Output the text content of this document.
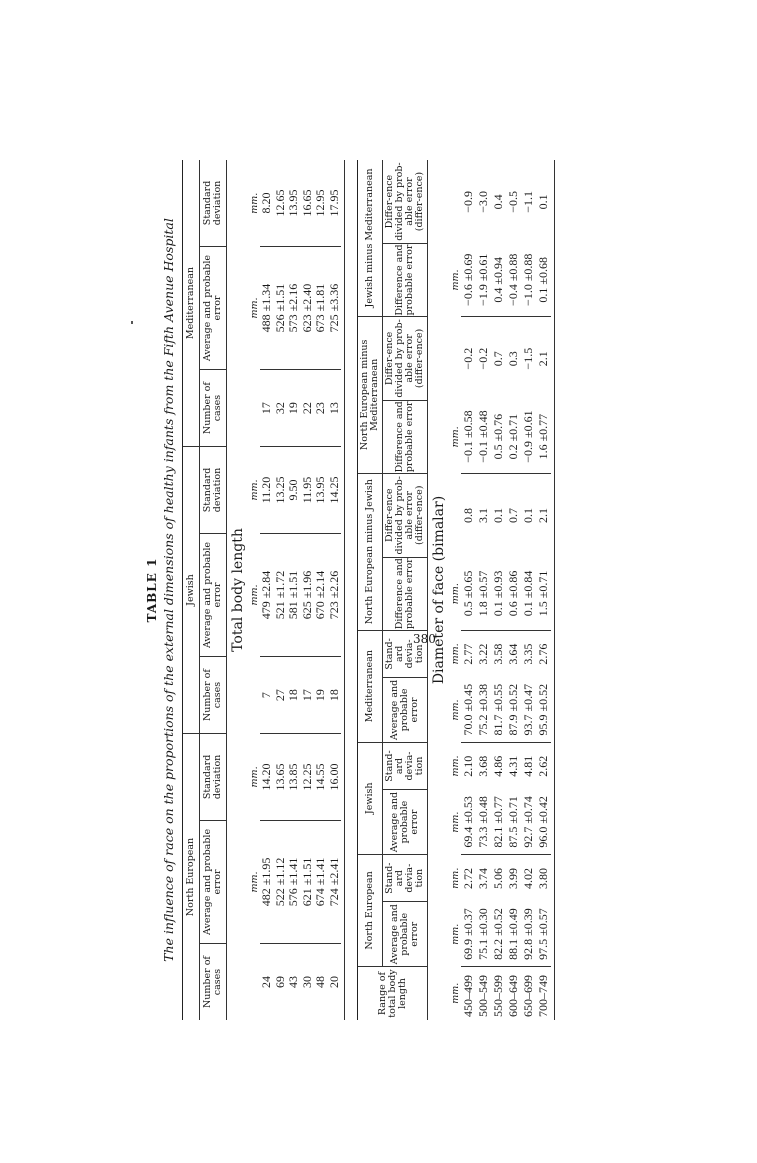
TABLE 1 The influence of race on the proportions of the external dimensions of healthy infants from the Fifth Avenue Hospital North European			Jewish			Mediterranean		
Number of cases	Average and probable error	Standard deviation	Number of cases	Average and probable error	Standard deviation	Number of cases	Average and probable error	Standard deviation
Total body length								
	mm.	mm.		mm.	mm.		mm.	mm.
24	482 ±1.95	14.20	7	479 ±2.84	11.20	17	488 ±1.34	8.20
69	522 ±1.12	13.65	27	521 ±1.72	13.25	32	526 ±1.51	12.65
43	576 ±1.41	13.85	18	581 ±1.51	9.50	19	573 ±2.16	13.95
30	621 ±1.51	12.25	17	625 ±1.96	11.95	22	623 ±2.40	16.65
48	674 ±1.41	14.55	19	670 ±2.14	13.95	23	673 ±1.81	12.95
20	724 ±2.41	16.00	18	723 ±2.26	14.25	13	725 ±3.36	17.95

Range of total body length	North European		Jewish		Mediterranean		North European minus Jewish		North European minus Mediterranean		Jewish minus Mediterranean	
	Average and probable error	Stand-ard devia-tion	Average and probable error	Stand-ard devia-tion	Average and probable error	Stand-ard devia-tion	Difference and probable error	Differ-ence divided by prob-able error (differ-ence)	Difference and probable error	Differ-ence divided by prob-able error (differ-ence)	Difference and probable error	Differ-ence divided by prob-able error (differ-ence)
Diameter of face (bimalar)												
mm.	mm.	mm.	mm.	mm.	mm.	mm.	mm.		mm.		mm.	
450–499	69.9 ±0.37	2.72	69.4 ±0.53	2.10	70.0 ±0.45	2.77	0.5 ±0.65	0.8	−0.1 ±0.58	−0.2	−0.6 ±0.69	−0.9
500–549	75.1 ±0.30	3.74	73.3 ±0.48	3.68	75.2 ±0.38	3.22	1.8 ±0.57	3.1	−0.1 ±0.48	−0.2	−1.9 ±0.61	−3.0
550–599	82.2 ±0.52	5.06	82.1 ±0.77	4.86	81.7 ±0.55	3.58	0.1 ±0.93	0.1	0.5 ±0.76	0.7	0.4 ±0.94	0.4
600–649	88.1 ±0.49	3.99	87.5 ±0.71	4.31	87.9 ±0.52	3.64	0.6 ±0.86	0.7	0.2 ±0.71	0.3	−0.4 ±0.88	−0.5
650–699	92.8 ±0.39	4.02	92.7 ±0.74	4.81	93.7 ±0.47	3.35	0.1 ±0.84	0.1	−0.9 ±0.61	−1.5	−1.0 ±0.88	−1.1
700–749	97.5 ±0.57	3.80	96.0 ±0.42	2.62	95.9 ±0.52	2.76	1.5 ±0.71	2.1	1.6 ±0.77	2.1	0.1 ±0.68	0.1

380
